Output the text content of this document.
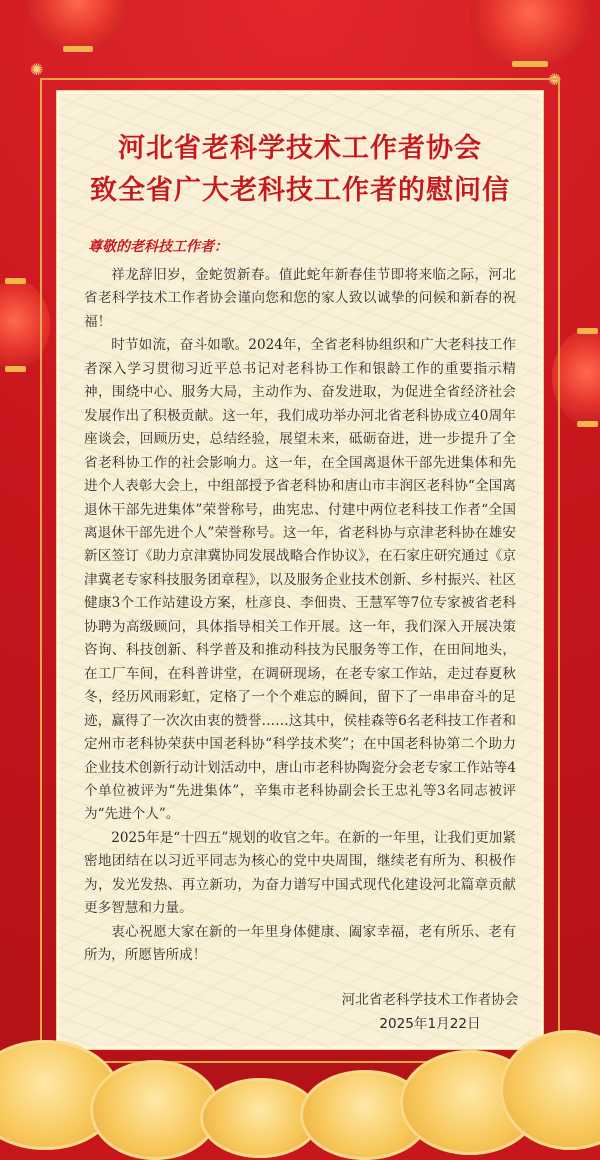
✺
✺
河北省老科学技术工作者协会
致全省广大老科技工作者的慰问信
尊敬的老科技工作者：

祥龙辞旧岁，金蛇贺新春。值此蛇年新春佳节即将来临之际，河北省老科学技术工作者协会谨向您和您的家人致以诚挚的问候和新春的祝福！

时节如流，奋斗如歌。2024年，全省老科协组织和广大老科技工作者深入学习贯彻习近平总书记对老科协工作和银龄工作的重要指示精神，围绕中心、服务大局，主动作为、奋发进取，为促进全省经济社会发展作出了积极贡献。这一年，我们成功举办河北省老科协成立40周年座谈会，回顾历史，总结经验，展望未来，砥砺奋进，进一步提升了全省老科协工作的社会影响力。这一年，在全国离退休干部先进集体和先进个人表彰大会上，中组部授予省老科协和唐山市丰润区老科协“全国离退休干部先进集体”荣誉称号，曲宪忠、付建中两位老科技工作者“全国离退休干部先进个人”荣誉称号。这一年，省老科协与京津老科协在雄安新区签订《助力京津冀协同发展战略合作协议》，在石家庄研究通过《京津冀老专家科技服务团章程》，以及服务企业技术创新、乡村振兴、社区健康3个工作站建设方案，杜彦良、李佃贵、王慧军等7位专家被省老科协聘为高级顾问，具体指导相关工作开展。这一年，我们深入开展决策咨询、科技创新、科学普及和推动科技为民服务等工作，在田间地头，在工厂车间，在科普讲堂，在调研现场，在老专家工作站，走过春夏秋冬，经历风雨彩虹，定格了一个个难忘的瞬间，留下了一串串奋斗的足迹，赢得了一次次由衷的赞誉……这其中，侯桂森等6名老科技工作者和定州市老科协荣获中国老科协“科学技术奖”；在中国老科协第二个助力企业技术创新行动计划活动中，唐山市老科协陶瓷分会老专家工作站等4个单位被评为“先进集体”，辛集市老科协副会长王忠礼等3名同志被评为“先进个人”。

2025年是“十四五”规划的收官之年。在新的一年里，让我们更加紧密地团结在以习近平同志为核心的党中央周围，继续老有所为、积极作为，发光发热、再立新功，为奋力谱写中国式现代化建设河北篇章贡献更多智慧和力量。

衷心祝愿大家在新的一年里身体健康、阖家幸福，老有所乐、老有所为，所愿皆所成！

河北省老科学技术工作者协会
2025年1月22日
